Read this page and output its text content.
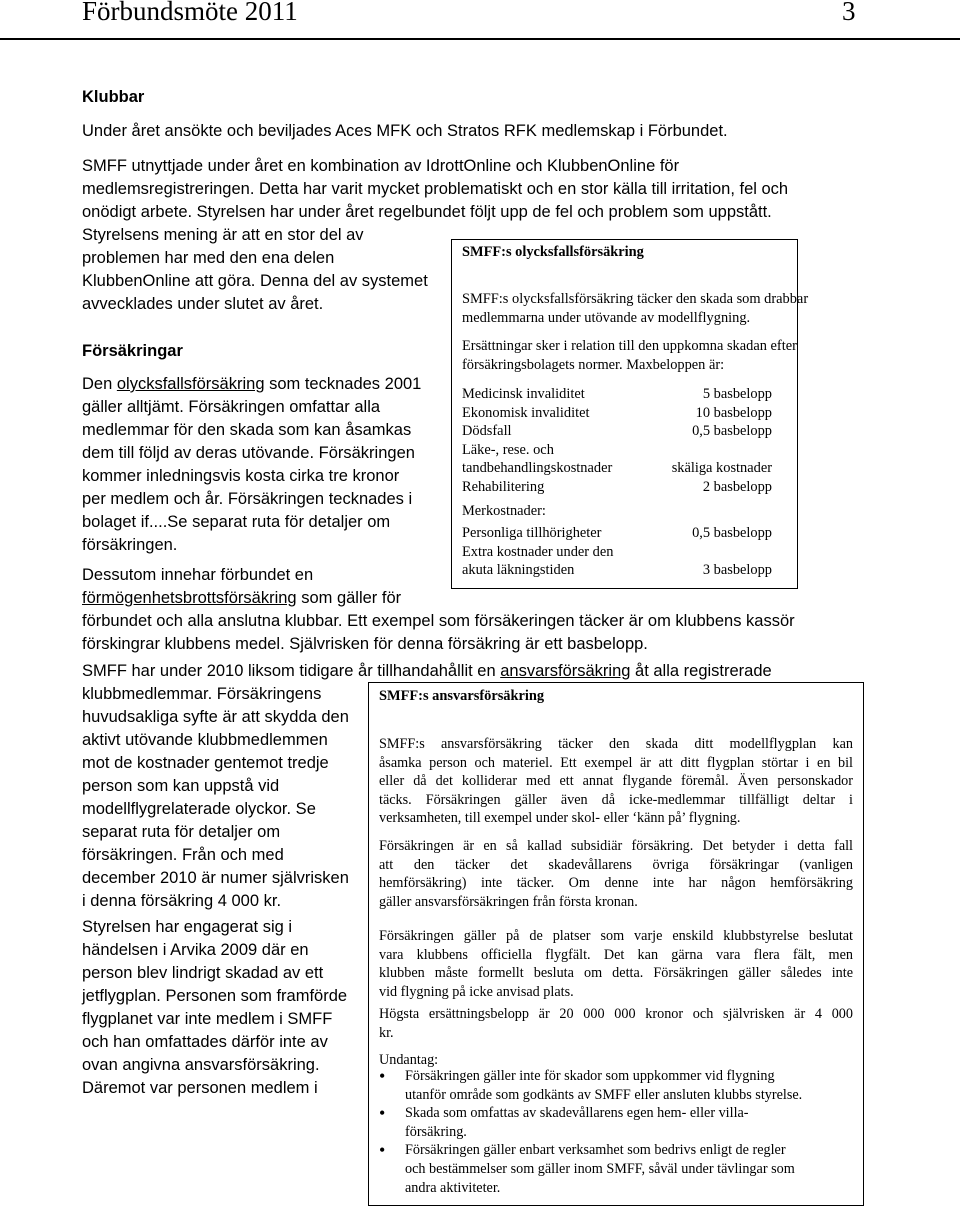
Förbundsmöte 2011	3
Klubbar
Under året ansökte och beviljades Aces MFK och Stratos RFK medlemskap i Förbundet.
SMFF utnyttjade under året en kombination av IdrottOnline och KlubbenOnline för
medlemsregistreringen. Detta har varit mycket problematiskt och en stor källa till irritation, fel och
onödigt arbete. Styrelsen har under året regelbundet följt upp de fel och problem som uppstått.
Styrelsens mening är att en stor del av
problemen har med den ena delen
KlubbenOnline att göra. Denna del av systemet
avvecklades under slutet av året.
Försäkringar
Den olycksfallsförsäkring som tecknades 2001
gäller alltjämt. Försäkringen omfattar alla
medlemmar för den skada som kan åsamkas
dem till följd av deras utövande. Försäkringen
kommer inledningsvis kosta cirka tre kronor
per medlem och år. Försäkringen tecknades i
bolaget if....Se separat ruta för detaljer om
försäkringen.
Dessutom innehar förbundet en
förmögenhetsbrottsförsäkring som gäller för
förbundet och alla anslutna klubbar. Ett exempel som försäkeringen täcker är om klubbens kassör
förskingrar klubbens medel. Självrisken för denna försäkring är ett basbelopp.
SMFF har under 2010 liksom tidigare år tillhandahållit en ansvarsförsäkring åt alla registrerade
klubbmedlemmar. Försäkringens
huvudsakliga syfte är att skydda den
aktivt utövande klubbmedlemmen
mot de kostnader gentemot tredje
person som kan uppstå vid
modellflygrelaterade olyckor. Se
separat ruta för detaljer om
försäkringen. Från och med
december 2010 är numer självrisken
i denna försäkring 4 000 kr.
Styrelsen har engagerat sig i
händelsen i Arvika 2009 där en
person blev lindrigt skadad av ett
jetflygplan. Personen som framförde
flygplanet var inte medlem i SMFF
och han omfattades därför inte av
ovan angivna ansvarsförsäkring.
Däremot var personen medlem i
SMFF:s olycksfallsförsäkring
SMFF:s olycksfallsförsäkring täcker den skada som drabbar
medlemmarna under utövande av modellflygning.
Ersättningar sker i relation till den uppkomna skadan efter
försäkringsbolagets normer. Maxbeloppen är:
Medicinsk invaliditet	5 basbelopp
Ekonomisk invaliditet	10 basbelopp
Dödsfall	0,5 basbelopp
Läke-, rese. och
tandbehandlingskostnader	skäliga kostnader
Rehabilitering	2 basbelopp
Merkostnader:
Personliga tillhörigheter	0,5 basbelopp
Extra kostnader under den
akuta läkningstiden	3 basbelopp
SMFF:s ansvarsförsäkring
SMFF:s ansvarsförsäkring täcker den skada ditt modellflygplan kan
åsamka person och materiel. Ett exempel är att ditt flygplan störtar i en bil
eller då det kolliderar med ett annat flygande föremål. Även personskador
täcks. Försäkringen gäller även då icke-medlemmar tillfälligt deltar i
verksamheten, till exempel under skol- eller ‘känn på’ flygning.
Försäkringen är en så kallad subsidiär försäkring. Det betyder i detta fall
att den täcker det skadevållarens övriga försäkringar (vanligen
hemförsäkring) inte täcker. Om denne inte har någon hemförsäkring
gäller ansvarsförsäkringen från första kronan.
Försäkringen gäller på de platser som varje enskild klubbstyrelse beslutat
vara klubbens officiella flygfält. Det kan gärna vara flera fält, men
klubben måste formellt besluta om detta. Försäkringen gäller således inte
vid flygning på icke anvisad plats.
Högsta ersättningsbelopp är 20 000 000 kronor och självrisken är 4 000
kr.
Undantag:
• Försäkringen gäller inte för skador som uppkommer vid flygning
utanför område som godkänts av SMFF eller ansluten klubbs styrelse.
• Skada som omfattas av skadevållarens egen hem- eller villa-
försäkring.
• Försäkringen gäller enbart verksamhet som bedrivs enligt de regler
och bestämmelser som gäller inom SMFF, såväl under tävlingar som
andra aktiviteter.
